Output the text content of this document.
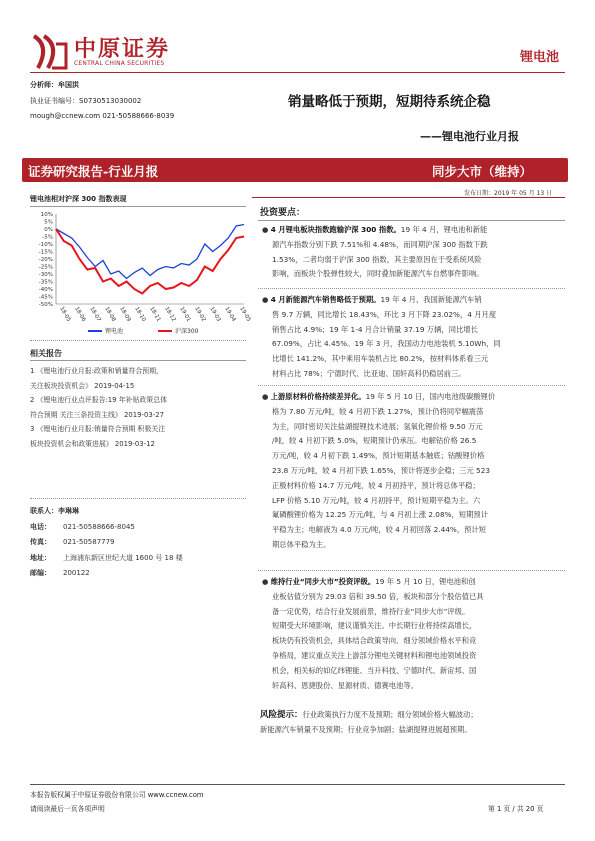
中原证券
CENTRAL CHINA SECURITIES	锂电池
分析师：牟国洪
执业证书编号：S0730513030002
mough@ccnew.com 021-50588666-8039
销量略低于预期，短期待系统企稳
——锂电池行业月报
证券研究报告-行业月报	同步大市（维持）
发布日期：2019 年 05 月 13 日
锂电池相对沪深 300 指数表现
10%
5%
0%
-5%
-10%
-15%
-20%
-25%
-30%
-35%
-40%
-45%
-50%
18-05 18-06 18-07 18-08 18-09 18-10 18-11 18-12 19-01 19-02 19-03 19-04 19-05
锂电池	沪深300
相关报告
1 《锂电池行业月报:政策和销量符合预期，
关注板块投资机会》 2019-04-15
2 《锂电池行业点评报告:19 年补贴政策总体
符合预期 关注三条投资主线》 2019-03-27
3 《锂电池行业月报:销量符合预期 积极关注
板块投资机会和政策进展》 2019-03-12
联系人：李琳琳
电话： 021-50588666-8045
传真： 021-50587779
地址： 上海浦东新区世纪大道 1600 号 18 楼
邮编： 200122
投资要点：
● 4 月锂电板块指数跑输沪深 300 指数。19 年 4 月，锂电池和新能
源汽车指数分别下跌 7.51%和 4.48%，而同期沪深 300 指数下跌
1.53%，二者均弱于沪深 300 指数，其主要原因在于受系统风险
影响，而板块个股弹性较大，同时叠加新能源汽车自燃事件影响。
● 4 月新能源汽车销售略低于预期。19 年 4 月，我国新能源汽车销
售 9.7 万辆，同比增长 18.43%，环比 3 月下降 23.02%，4 月月度
销售占比 4.9%；19 年 1-4 月合计销量 37.19 万辆，同比增长
67.09%，占比 4.45%。19 年 3 月，我国动力电池装机 5.10Wh，同
比增长 141.2%，其中乘用车装机占比 80.2%，按材料体系看三元
材料占比 78%；宁德时代、比亚迪、国轩高科仍稳居前三。
● 上游原材料价格持续差异化。19 年 5 月 10 日，国内电池级碳酸锂价
格为 7.80 万元/吨，较 4 月初下跌 1.27%，预计仍将同窄幅震荡
为主，同时密切关注盐湖提锂技术进展；氢氧化锂价格 9.50 万元
/吨，较 4 月初下跌 5.0%，短期预计仍承压。电解钴价格 26.5
万元/吨，较 4 月初下跌 1.49%，预计短期基本触底；钴酸锂价格
23.8 万元/吨，较 4 月初下跌 1.65%，预计将逐步企稳；三元 523
正极材料价格 14.7 万元/吨，较 4 月初持平，预计将总体平稳；
LFP 价格 5.10 万元/吨，较 4 月初持平，预计短期平稳为主。六
氟磷酸锂价格为 12.25 万元/吨，与 4 月初上涨 2.08%，短期预计
平稳为主；电解液为 4.0 万元/吨，较 4 月初回落 2.44%，预计短
期总体平稳为主。
● 维持行业“同步大市”投资评级。19 年 5 月 10 日，锂电池和创
业板估值分别为 29.03 倍和 39.50 倍，板块和部分个股估值已具
备一定优势，结合行业发展前景，维持行业“同步大市”评级。
短期受大环境影响，建议谨慎关注。中长期行业将持续高增长，
板块仍有投资机会，具体结合政策导向、细分领域价格水平和竞
争格局，建议重点关注上游部分锂电关键材料和锂电池领域投资
机会，相关标的如亿纬锂能、当升科技、宁德时代、新宙邦、国
轩高科、恩捷股份、星源材质、德赛电池等。
风险提示：行业政策执行力度不及预期；细分领域价格大幅波动；
新能源汽车销量不及预期；行业竞争加剧；盐湖提锂进展超预期。
本报告版权属于中原证券股份有限公司 www.ccnew.com
请阅读最后一页各项声明	第 1 页 / 共 20 页
